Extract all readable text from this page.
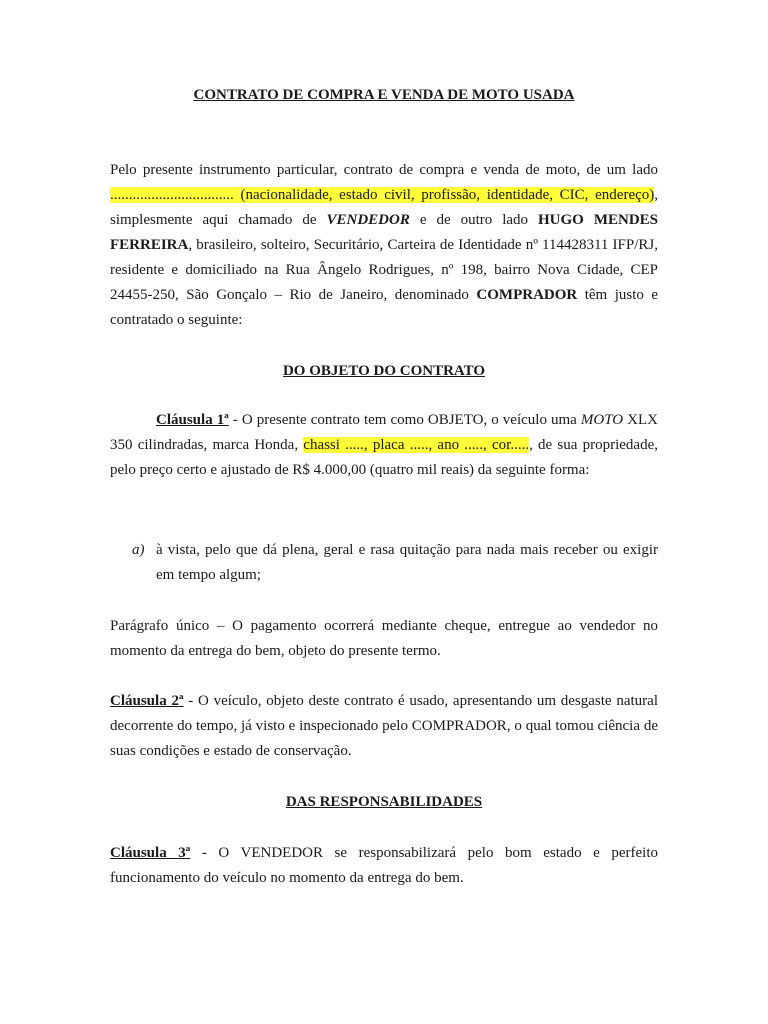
CONTRATO DE COMPRA E VENDA DE MOTO USADA
Pelo presente instrumento particular, contrato de compra e venda de moto, de um lado ................................. (nacionalidade, estado civil, profissão, identidade, CIC, endereço), simplesmente aqui chamado de VENDEDOR e de outro lado HUGO MENDES FERREIRA, brasileiro, solteiro, Securitário, Carteira de Identidade nº 114428311 IFP/RJ, residente e domiciliado na Rua Ângelo Rodrigues, nº 198, bairro Nova Cidade, CEP 24455-250, São Gonçalo – Rio de Janeiro, denominado COMPRADOR têm justo e contratado o seguinte:
DO OBJETO DO CONTRATO
Cláusula 1ª - O presente contrato tem como OBJETO, o veículo uma MOTO XLX 350 cilindradas, marca Honda, chassi ....., placa ....., ano ....., cor....., de sua propriedade, pelo preço certo e ajustado de R$ 4.000,00 (quatro mil reais) da seguinte forma:
a) à vista, pelo que dá plena, geral e rasa quitação para nada mais receber ou exigir em tempo algum;
Parágrafo único – O pagamento ocorrerá mediante cheque, entregue ao vendedor no momento da entrega do bem, objeto do presente termo.
Cláusula 2ª - O veículo, objeto deste contrato é usado, apresentando um desgaste natural decorrente do tempo, já visto e inspecionado pelo COMPRADOR, o qual tomou ciência de suas condições e estado de conservação.
DAS RESPONSABILIDADES
Cláusula 3ª - O VENDEDOR se responsabilizará pelo bom estado e perfeito funcionamento do veículo no momento da entrega do bem.
